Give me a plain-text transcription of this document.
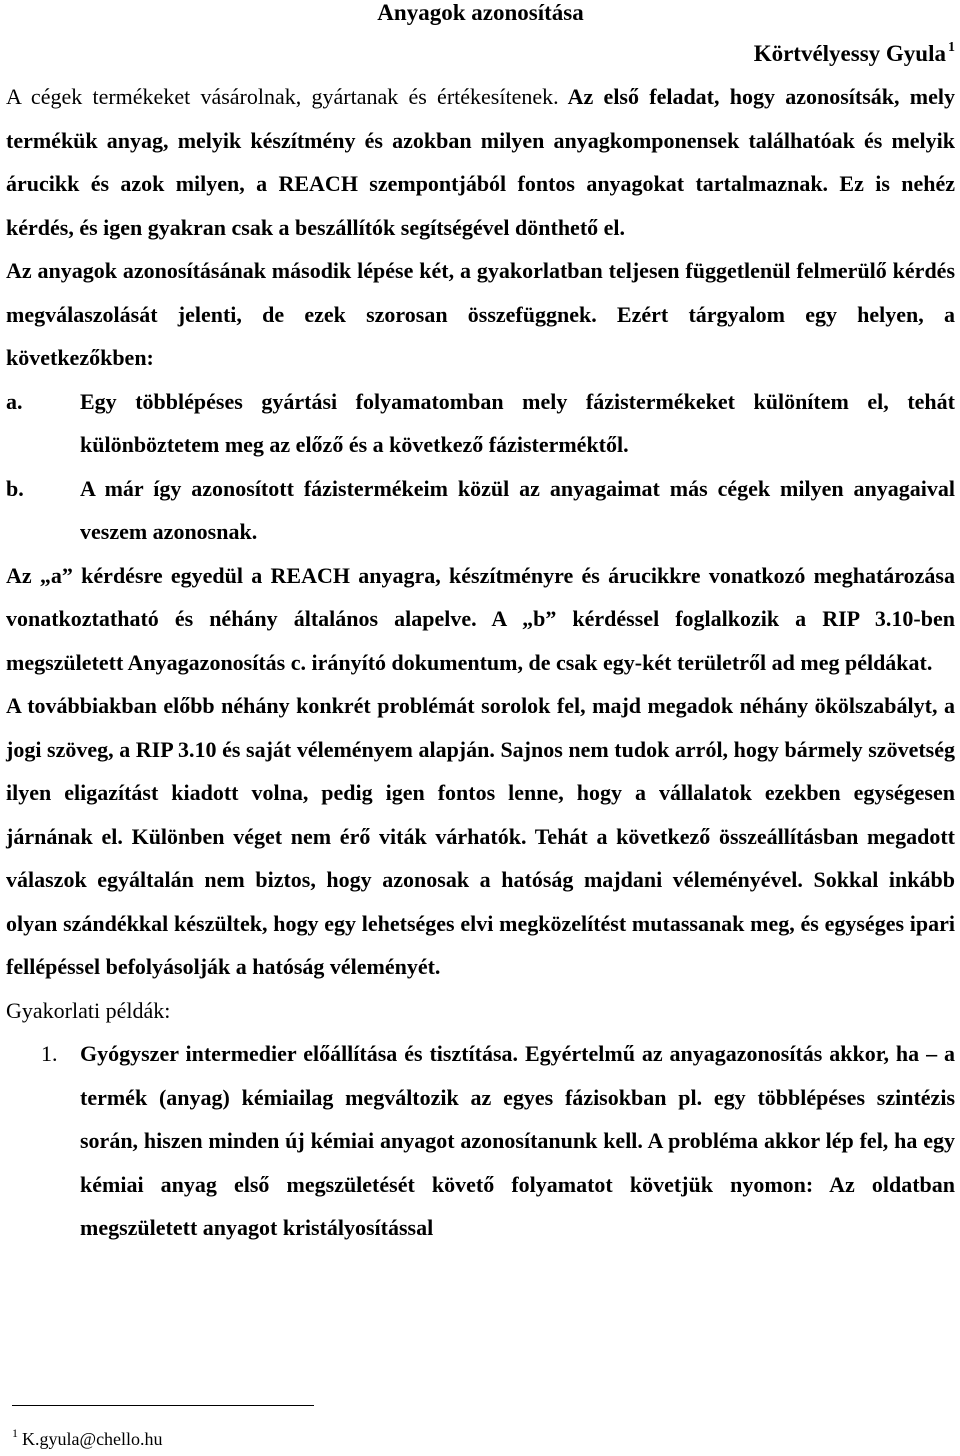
Anyagok azonosítása
Körtvélyessy Gyula $^1$

A cégek termékeket vásárolnak, gyártanak és értékesítenek. Az első feladat, hogy azonosítsák, mely termékük anyag, melyik készítmény és azokban milyen anyagkomponensek találhatóak és melyik árucikk és azok milyen, a REACH szempontjából fontos anyagokat tartalmaznak. Ez is nehéz kérdés, és igen gyakran csak a beszállítók segítségével dönthető el.

Az anyagok azonosításának második lépése két, a gyakorlatban teljesen függetlenül felmerülő kérdés megválaszolását jelenti, de ezek szorosan összefüggnek. Ezért tárgyalom egy helyen, a következőkben:

a.	Egy többlépéses gyártási folyamatomban mely fázistermékeket különítem el, tehát különböztetem meg az előző és a következő fázisterméktől.

b.	A már így azonosított fázistermékeim közül az anyagaimat más cégek milyen anyagaival veszem azonosnak.

Az „a” kérdésre egyedül a REACH anyagra, készítményre és árucikkre vonatkozó meghatározása vonatkoztatható és néhány általános alapelve. A „b” kérdéssel foglalkozik a RIP 3.10-ben megszületett Anyagazonosítás c. irányító dokumentum, de csak egy-két területről ad meg példákat.

A továbbiakban előbb néhány konkrét problémát sorolok fel, majd megadok néhány ökölszabályt, a jogi szöveg, a RIP 3.10 és saját véleményem alapján. Sajnos nem tudok arról, hogy bármely szövetség ilyen eligazítást kiadott volna, pedig igen fontos lenne, hogy a vállalatok ezekben egységesen járnának el. Különben véget nem érő viták várhatók. Tehát a következő összeállításban megadott válaszok egyáltalán nem biztos, hogy azonosak a hatóság majdani véleményével. Sokkal inkább olyan szándékkal készültek, hogy egy lehetséges elvi megközelítést mutassanak meg, és egységes ipari fellépéssel befolyásolják a hatóság véleményét.

Gyakorlati példák:

1. Gyógyszer intermedier előállítása és tisztítása. Egyértelmű az anyagazonosítás akkor, ha – a termék (anyag) kémiailag megváltozik az egyes fázisokban pl. egy többlépéses szintézis során, hiszen minden új kémiai anyagot azonosítanunk kell. A probléma akkor lép fel, ha egy kémiai anyag első megszületését követő folyamatot követjük nyomon: Az oldatban megszületett anyagot kristályosítással

$^1$ K.gyula@chello.hu
